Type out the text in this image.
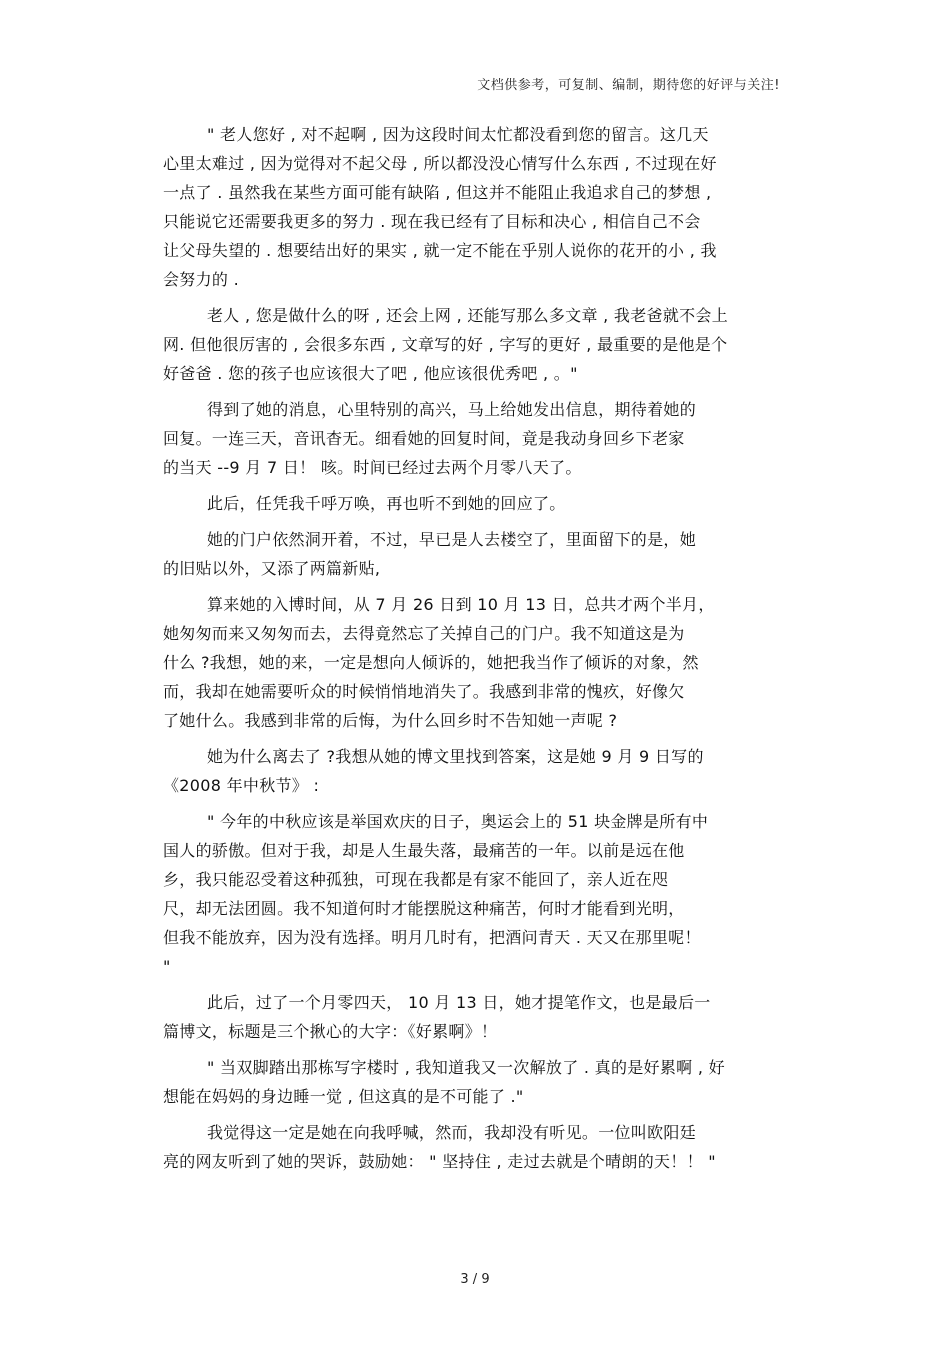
文档供参考，可复制、编制，期待您的好评与关注!
" 老人您好 , 对不起啊 , 因为这段时间太忙都没看到您的留言。这几天
心里太难过 , 因为觉得对不起父母 , 所以都没没心情写什么东西 , 不过现在好
一点了 . 虽然我在某些方面可能有缺陷 , 但这并不能阻止我追求自己的梦想 ,
只能说它还需要我更多的努力 . 现在我已经有了目标和决心 , 相信自己不会
让父母失望的 . 想要结出好的果实 , 就一定不能在乎别人说你的花开的小 , 我
会努力的 .
老人 , 您是做什么的呀 , 还会上网 , 还能写那么多文章 , 我老爸就不会上
网. 但他很厉害的 , 会很多东西 , 文章写的好 , 字写的更好 , 最重要的是他是个
好爸爸 . 您的孩子也应该很大了吧 , 他应该很优秀吧 , 。"
得到了她的消息，心里特别的高兴，马上给她发出信息，期待着她的
回复。一连三天，音讯杳无。细看她的回复时间，竟是我动身回乡下老家
的当天 --9 月 7 日！ 咳。时间已经过去两个月零八天了。
此后，任凭我千呼万唤，再也听不到她的回应了。
她的门户依然洞开着，不过，早已是人去楼空了，里面留下的是，她
的旧贴以外，又添了两篇新贴,
算来她的入博时间，从 7 月 26 日到 10 月 13 日，总共才两个半月，
她匆匆而来又匆匆而去，去得竟然忘了关掉自己的门户。我不知道这是为
什么 ?我想，她的来，一定是想向人倾诉的，她把我当作了倾诉的对象，然
而，我却在她需要听众的时候悄悄地消失了。我感到非常的愧疚，好像欠
了她什么。我感到非常的后悔，为什么回乡时不告知她一声呢 ?
她为什么离去了 ?我想从她的博文里找到答案，这是她 9 月 9 日写的
《2008 年中秋节》 :
" 今年的中秋应该是举国欢庆的日子，奥运会上的 51 块金牌是所有中
国人的骄傲。但对于我，却是人生最失落，最痛苦的一年。以前是远在他
乡，我只能忍受着这种孤独，可现在我都是有家不能回了，亲人近在咫
尺，却无法团圆。我不知道何时才能摆脱这种痛苦，何时才能看到光明，
但我不能放弃，因为没有选择。明月几时有，把酒问青天 . 天又在那里呢！
"
此后，过了一个月零四天， 10 月 13 日，她才提笔作文，也是最后一
篇博文，标题是三个揪心的大字：《好累啊》！
" 当双脚踏出那栋写字楼时 , 我知道我又一次解放了 . 真的是好累啊 , 好
想能在妈妈的身边睡一觉 , 但这真的是不可能了 ."
我觉得这一定是她在向我呼喊，然而，我却没有听见。一位叫欧阳廷
亮的网友听到了她的哭诉，鼓励她： " 坚持住 , 走过去就是个晴朗的天！！ "
3 / 9
